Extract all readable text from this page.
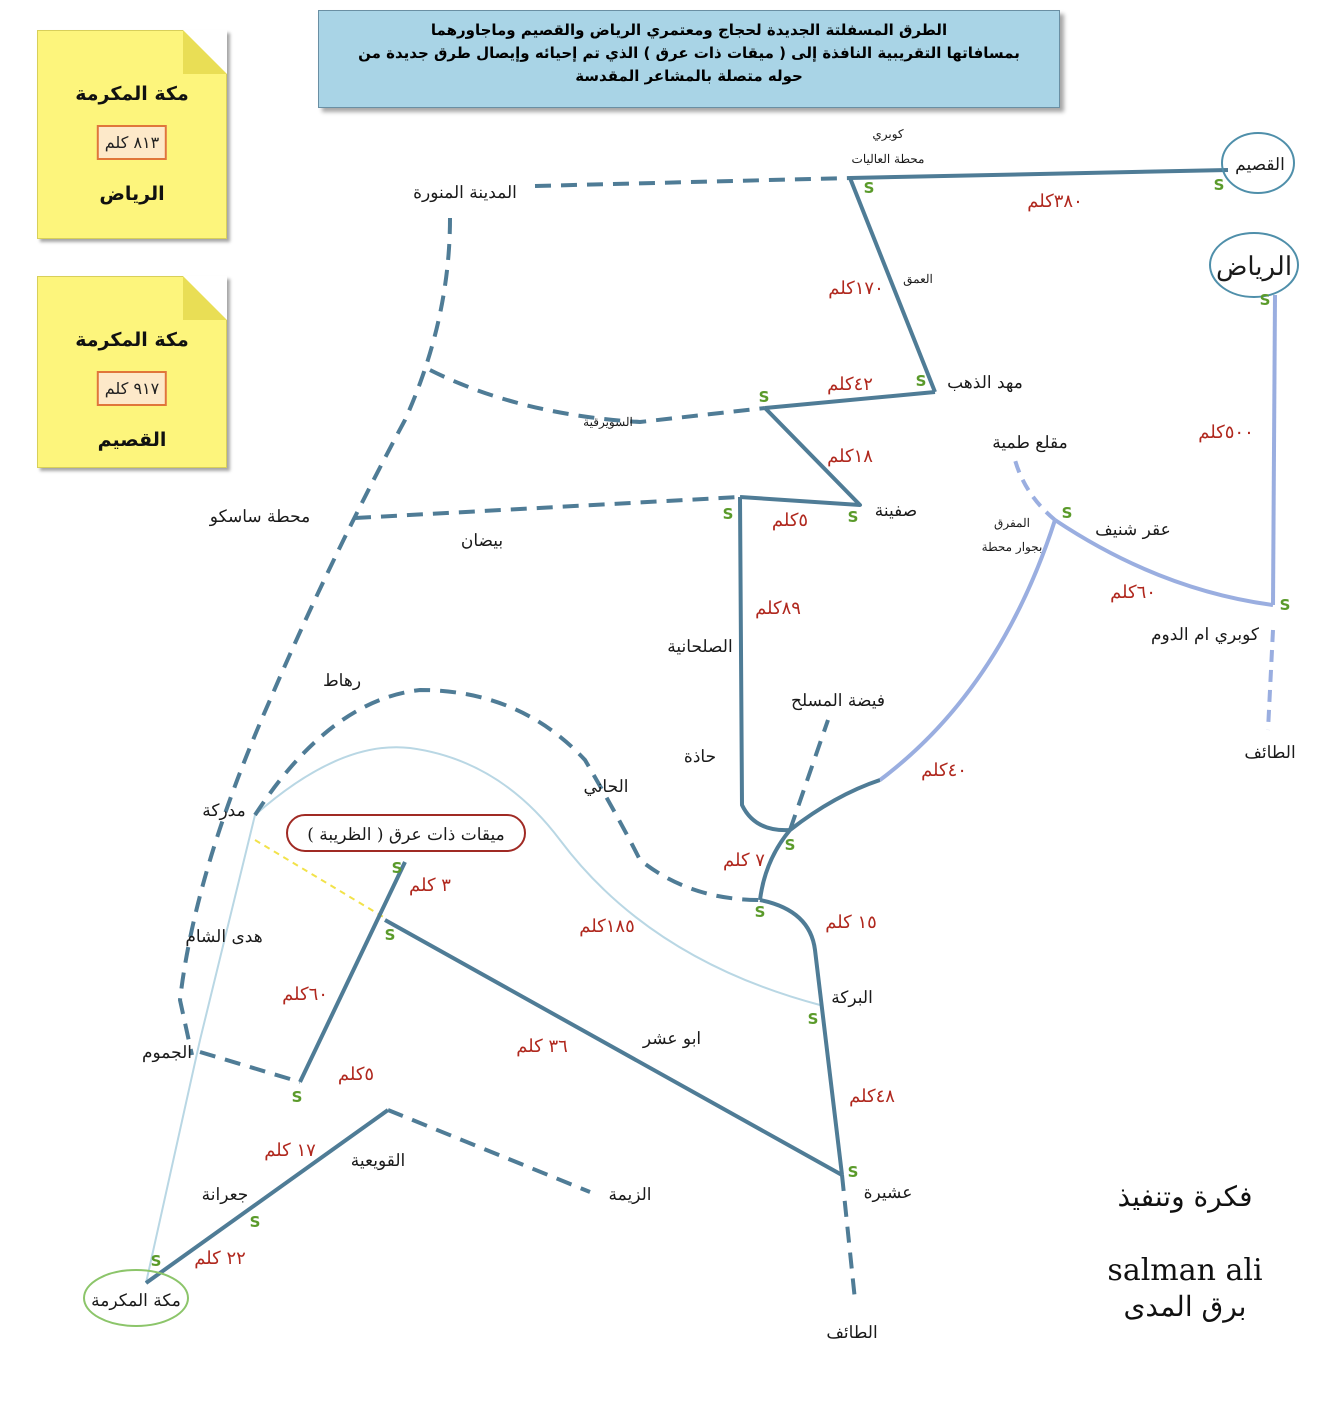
مكة المكرمة
٨١٣ كلم
الرياض
مكة المكرمة
٩١٧ كلم
القصيم
الطرق المسفلتة الجديدة لحجاج ومعتمري الرياض والقصيم وماجاورهما
بمسافاتها التقريبية النافذة إلى ( ميقات ذات عرق ) الذي تم إحيائه وإيصال طرق جديدة من
حوله متصلة بالمشاعر المقدسة
القصيم
الرياض
المدينة المنورة
كوبري
محطة العاليات
العمق
مهد الذهب
السويرقية
صفينة
محطة ساسكو
بيضان
مقلع طمية
المفرق
بجوار محطة
عقر شنيف
كوبري ام الدوم
الطائف
الصلحانية
فيضة المسلح
حاذة
رهاط
الحاني
مدركة
ميقات ذات عرق ( الظريبة )
هدى الشام
البركة
ابو عشر
الجموم
القويعية
الزيمة
جعرانة	عشيرة
مكة المكرمة
الطائف
٣٨٠كلم
١٧٠كلم
٤٢كلم
١٨كلم
٥كلم
٥٠٠كلم
٦٠كلم
٨٩كلم
٤٠كلم
٧ كلم
٣ كلم
١٨٥كلم	١٥ كلم
٦٠كلم
٣٦ كلم
٥كلم
٤٨كلم
١٧ كلم
٢٢ كلم
S	S
S
S
S
S	S	S
S
S
S
S
S
S
S
S
S
S
فكرة وتنفيذ
salman ali
برق المدى
